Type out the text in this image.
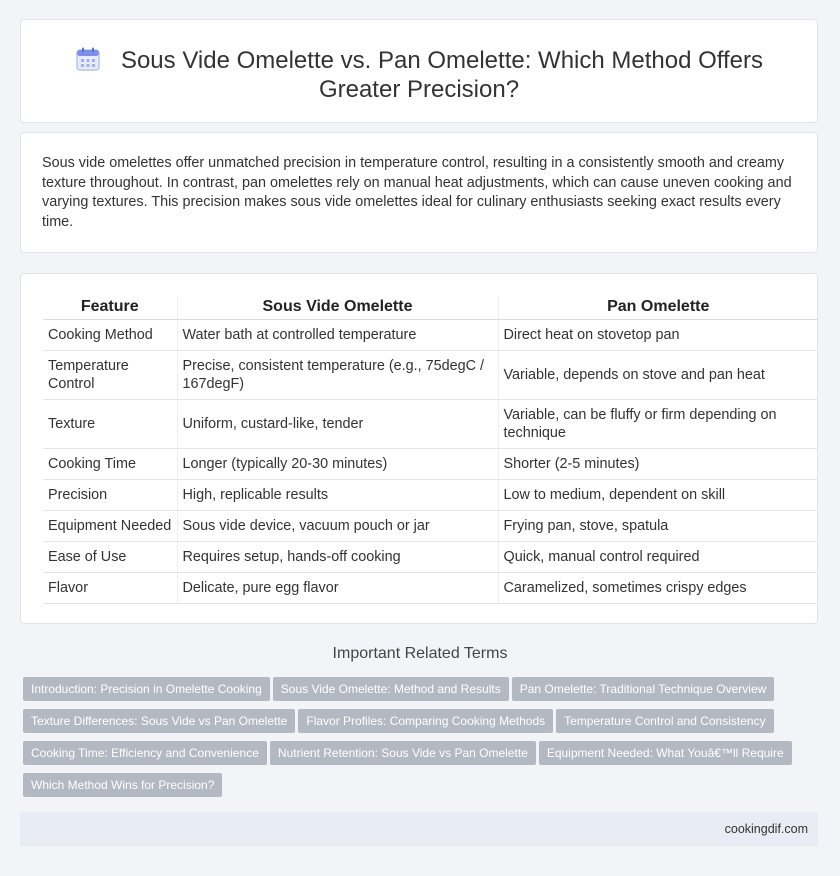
Sous Vide Omelette vs. Pan Omelette: Which Method Offers Greater Precision?

Sous vide omelettes offer unmatched precision in temperature control, resulting in a consistently smooth and creamy texture throughout. In contrast, pan omelettes rely on manual heat adjustments, which can cause uneven cooking and varying textures. This precision makes sous vide omelettes ideal for culinary enthusiasts seeking exact results every time.

Feature	Sous Vide Omelette	Pan Omelette
Cooking Method	Water bath at controlled temperature	Direct heat on stovetop pan
Temperature Control	Precise, consistent temperature (e.g., 75degC / 167degF)	Variable, depends on stove and pan heat
Texture	Uniform, custard-like, tender	Variable, can be fluffy or firm depending on technique
Cooking Time	Longer (typically 20-30 minutes)	Shorter (2-5 minutes)
Precision	High, replicable results	Low to medium, dependent on skill
Equipment Needed	Sous vide device, vacuum pouch or jar	Frying pan, stove, spatula
Ease of Use	Requires setup, hands-off cooking	Quick, manual control required
Flavor	Delicate, pure egg flavor	Caramelized, sometimes crispy edges
Important Related Terms
Introduction: Precision in Omelette Cooking Sous Vide Omelette: Method and Results Pan Omelette: Traditional Technique Overview
Texture Differences: Sous Vide vs Pan Omelette Flavor Profiles: Comparing Cooking Methods Temperature Control and Consistency
Cooking Time: Efficiency and Convenience Nutrient Retention: Sous Vide vs Pan Omelette Equipment Needed: What Youâ€™ll Require
Which Method Wins for Precision?
cookingdif.com
